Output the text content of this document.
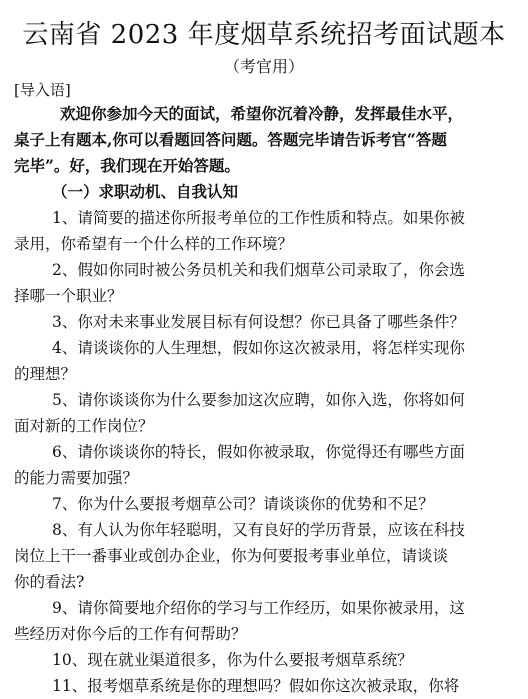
云南省 2023 年度烟草系统招考面试题本
（考官用）
[导入语]
欢迎你参加今天的面试，希望你沉着冷静，发挥最佳水平，
桌子上有题本,你可以看题回答问题。答题完毕请告诉考官“答题
完毕”。好，我们现在开始答题。
（一）求职动机、自我认知
1、请简要的描述你所报考单位的工作性质和特点。如果你被
录用，你希望有一个什么样的工作环境？
2、假如你同时被公务员机关和我们烟草公司录取了，你会选
择哪一个职业？
3、你对未来事业发展目标有何设想？你已具备了哪些条件？
4、请谈谈你的人生理想，假如你这次被录用，将怎样实现你
的理想？
5、请你谈谈你为什么要参加这次应聘，如你入选，你将如何
面对新的工作岗位？
6、请你谈谈你的特长，假如你被录取，你觉得还有哪些方面
的能力需要加强？
7、你为什么要报考烟草公司？请谈谈你的优势和不足？
8、有人认为你年轻聪明，又有良好的学历背景，应该在科技
岗位上干一番事业或创办企业，你为何要报考事业单位，请谈谈
你的看法?
9、请你简要地介绍你的学习与工作经历，如果你被录用，这
些经历对你今后的工作有何帮助？
10、现在就业渠道很多，你为什么要报考烟草系统？
11、报考烟草系统是你的理想吗？假如你这次被录取，你将
